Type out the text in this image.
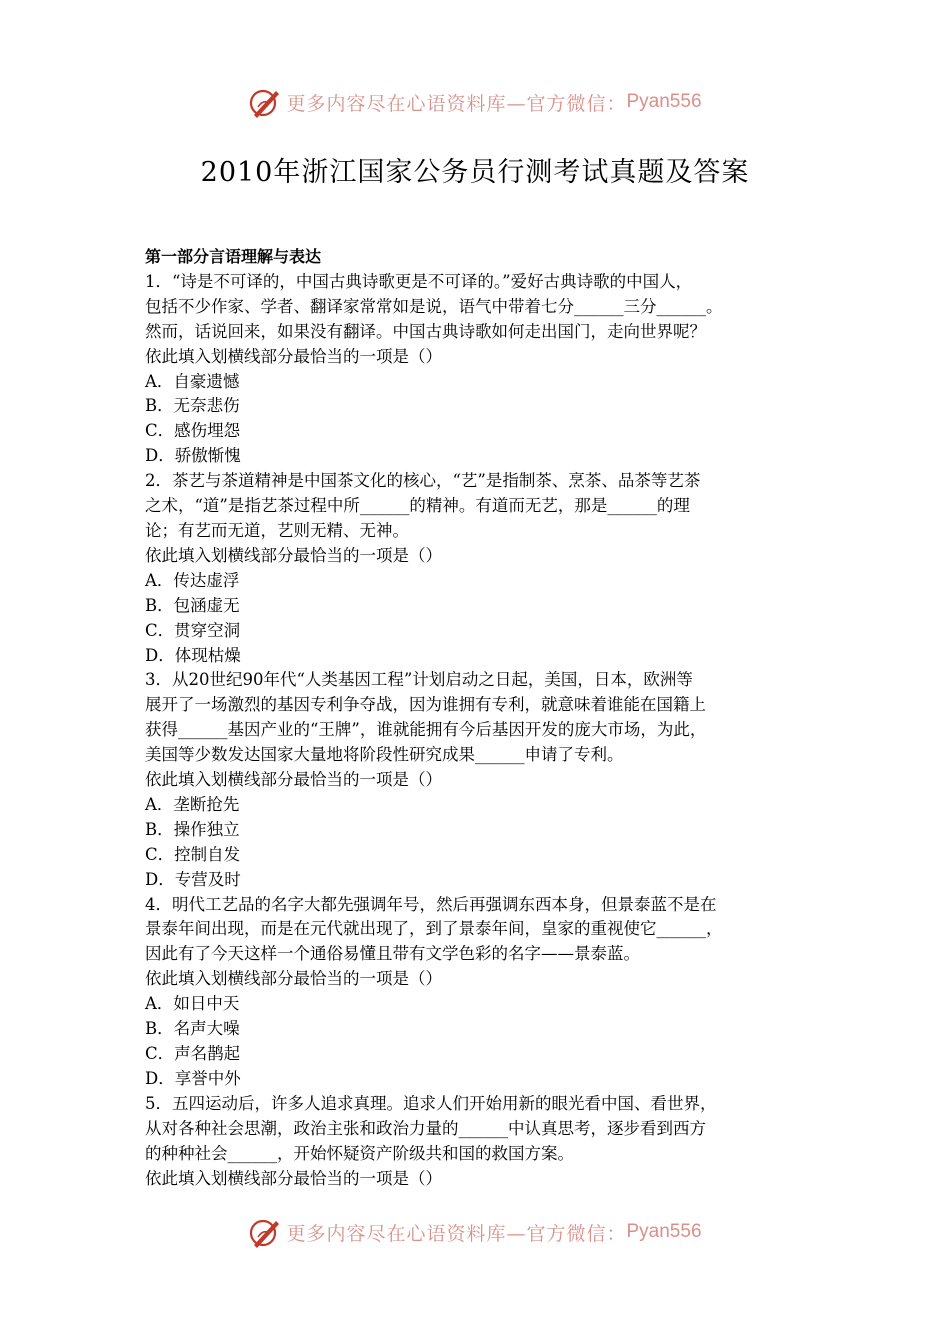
更多内容尽在心语资料库—官方微信： Pyan556
2010年浙江国家公务员行测考试真题及答案
第一部分言语理解与表达
1．“诗是不可译的，中国古典诗歌更是不可译的。”爱好古典诗歌的中国人，
包括不少作家、学者、翻译家常常如是说，语气中带着七分______三分______。
然而，话说回来，如果没有翻译。中国古典诗歌如何走出国门，走向世界呢？
依此填入划横线部分最恰当的一项是（）
A．自豪遗憾
B．无奈悲伤
C．感伤埋怨
D．骄傲惭愧
2．茶艺与茶道精神是中国茶文化的核心，“艺”是指制茶、烹茶、品茶等艺茶
之术，“道”是指艺茶过程中所______的精神。有道而无艺，那是______的理
论；有艺而无道，艺则无精、无神。
依此填入划横线部分最恰当的一项是（）
A．传达虚浮
B．包涵虚无
C．贯穿空洞
D．体现枯燥
3．从20世纪90年代“人类基因工程”计划启动之日起，美国，日本，欧洲等
展开了一场激烈的基因专利争夺战，因为谁拥有专利，就意味着谁能在国籍上
获得______基因产业的“王牌”，谁就能拥有今后基因开发的庞大市场，为此，
美国等少数发达国家大量地将阶段性研究成果______申请了专利。
依此填入划横线部分最恰当的一项是（）
A．垄断抢先
B．操作独立
C．控制自发
D．专营及时
4．明代工艺品的名字大都先强调年号，然后再强调东西本身，但景泰蓝不是在
景泰年间出现，而是在元代就出现了，到了景泰年间，皇家的重视使它______，
因此有了今天这样一个通俗易懂且带有文学色彩的名字——景泰蓝。
依此填入划横线部分最恰当的一项是（）
A．如日中天
B．名声大噪
C．声名鹊起
D．享誉中外
5．五四运动后，许多人追求真理。追求人们开始用新的眼光看中国、看世界，
从对各种社会思潮，政治主张和政治力量的______中认真思考，逐步看到西方
的种种社会______，开始怀疑资产阶级共和国的救国方案。
依此填入划横线部分最恰当的一项是（）
更多内容尽在心语资料库—官方微信： Pyan556
